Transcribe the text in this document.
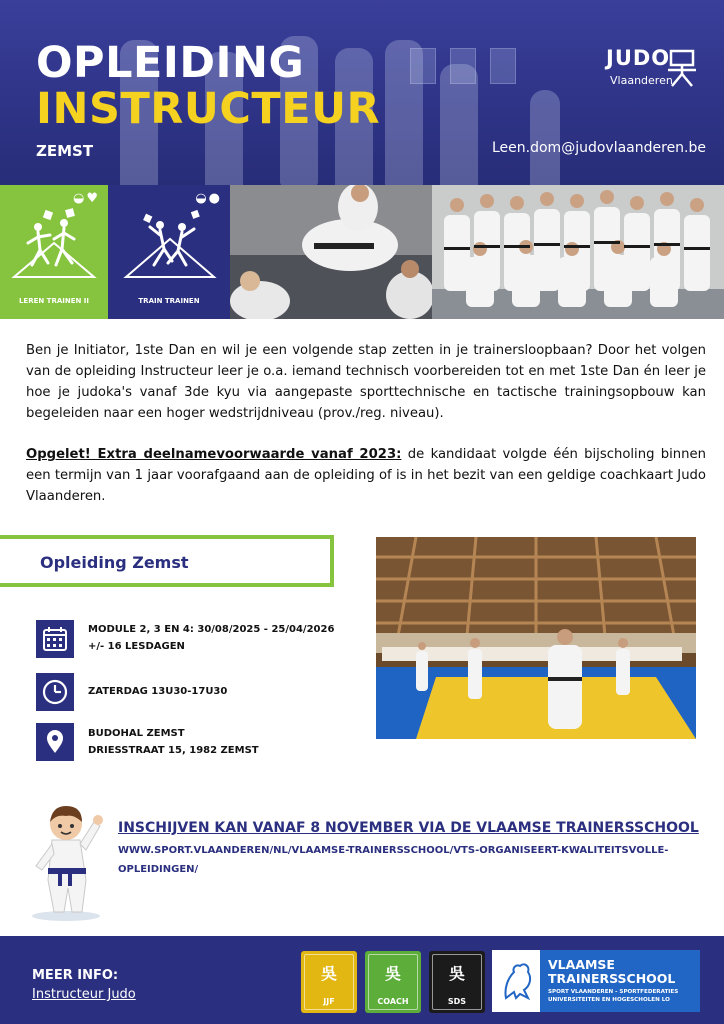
OPLEIDING
INSTRUCTEUR
ZEMST	Leen.dom@judovlaanderen.be
JUDO
Vlaanderen
◒♥
LEREN TRAINEN II
◒●
TRAIN TRAINEN

Ben je Initiator, 1ste Dan en wil je een volgende stap zetten in je trainersloopbaan? Door het volgen van de opleiding Instructeur leer je o.a. iemand technisch voorbereiden tot en met 1ste Dan én leer je hoe je judoka's vanaf 3de kyu via aangepaste sporttechnische en tactische trainingsopbouw kan begeleiden naar een hoger wedstrijdniveau (prov./reg. niveau).

Opgelet! Extra deelnamevoorwaarde vanaf 2023: de kandidaat volgde één bijscholing binnen een termijn van 1 jaar voorafgaand aan de opleiding of is in het bezit van een geldige coachkaart Judo Vlaanderen.

Opleiding Zemst
MODULE 2, 3 EN 4: 30/08/2025 - 25/04/2026
+/- 16 LESDAGEN
ZATERDAG 13U30-17U30
BUDOHAL ZEMST
DRIESSTRAAT 15, 1982 ZEMST
INSCHIJVEN KAN VANAF 8 NOVEMBER VIA DE VLAAMSE TRAINERSSCHOOL
WWW.SPORT.VLAANDEREN/NL/VLAAMSE-TRAINERSSCHOOL/VTS-ORGANISEERT-KWALITEITSVOLLE-OPLEIDINGEN/
MEER INFO:
Instructeur Judo
吳
JJF
吳
COACH
吳
SDS
VLAAMSE
TRAINERSSCHOOL
SPORT VLAANDEREN - SPORTFEDERATIES
UNIVERSITEITEN EN HOGESCHOLEN LO
